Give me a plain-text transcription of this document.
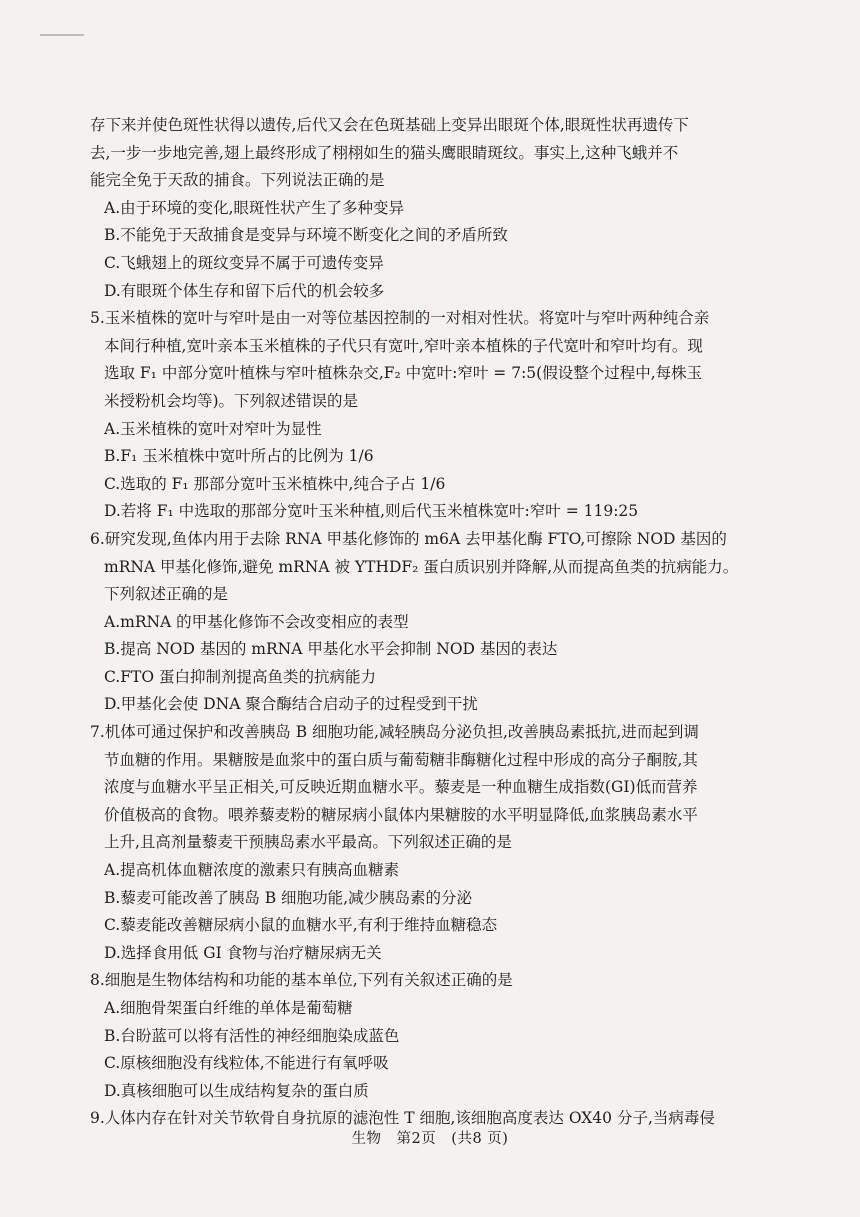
存下来并使色斑性状得以遗传,后代又会在色斑基础上变异出眼斑个体,眼斑性状再遗传下
去,一步一步地完善,翅上最终形成了栩栩如生的猫头鹰眼睛斑纹。事实上,这种飞蛾并不
能完全免于天敌的捕食。下列说法正确的是
A.由于环境的变化,眼斑性状产生了多种变异
B.不能免于天敌捕食是变异与环境不断变化之间的矛盾所致
C.飞蛾翅上的斑纹变异不属于可遗传变异
D.有眼斑个体生存和留下后代的机会较多
5.玉米植株的宽叶与窄叶是由一对等位基因控制的一对相对性状。将宽叶与窄叶两种纯合亲
本间行种植,宽叶亲本玉米植株的子代只有宽叶,窄叶亲本植株的子代宽叶和窄叶均有。现
选取 F₁ 中部分宽叶植株与窄叶植株杂交,F₂ 中宽叶:窄叶 = 7:5(假设整个过程中,每株玉
米授粉机会均等)。下列叙述错误的是
A.玉米植株的宽叶对窄叶为显性
B.F₁ 玉米植株中宽叶所占的比例为 1/6
C.选取的 F₁ 那部分宽叶玉米植株中,纯合子占 1/6
D.若将 F₁ 中选取的那部分宽叶玉米种植,则后代玉米植株宽叶:窄叶 = 119:25
6.研究发现,鱼体内用于去除 RNA 甲基化修饰的 m6A 去甲基化酶 FTO,可擦除 NOD 基因的
mRNA 甲基化修饰,避免 mRNA 被 YTHDF₂ 蛋白质识别并降解,从而提高鱼类的抗病能力。
下列叙述正确的是
A.mRNA 的甲基化修饰不会改变相应的表型
B.提高 NOD 基因的 mRNA 甲基化水平会抑制 NOD 基因的表达
C.FTO 蛋白抑制剂提高鱼类的抗病能力
D.甲基化会使 DNA 聚合酶结合启动子的过程受到干扰
7.机体可通过保护和改善胰岛 B 细胞功能,减轻胰岛分泌负担,改善胰岛素抵抗,进而起到调
节血糖的作用。果糖胺是血浆中的蛋白质与葡萄糖非酶糖化过程中形成的高分子酮胺,其
浓度与血糖水平呈正相关,可反映近期血糖水平。藜麦是一种血糖生成指数(GI)低而营养
价值极高的食物。喂养藜麦粉的糖尿病小鼠体内果糖胺的水平明显降低,血浆胰岛素水平
上升,且高剂量藜麦干预胰岛素水平最高。下列叙述正确的是
A.提高机体血糖浓度的激素只有胰高血糖素
B.藜麦可能改善了胰岛 B 细胞功能,减少胰岛素的分泌
C.藜麦能改善糖尿病小鼠的血糖水平,有利于维持血糖稳态
D.选择食用低 GI 食物与治疗糖尿病无关
8.细胞是生物体结构和功能的基本单位,下列有关叙述正确的是
A.细胞骨架蛋白纤维的单体是葡萄糖
B.台盼蓝可以将有活性的神经细胞染成蓝色
C.原核细胞没有线粒体,不能进行有氧呼吸
D.真核细胞可以生成结构复杂的蛋白质
9.人体内存在针对关节软骨自身抗原的滤泡性 T 细胞,该细胞高度表达 OX40 分子,当病毒侵
生物　第2页　(共8 页)
